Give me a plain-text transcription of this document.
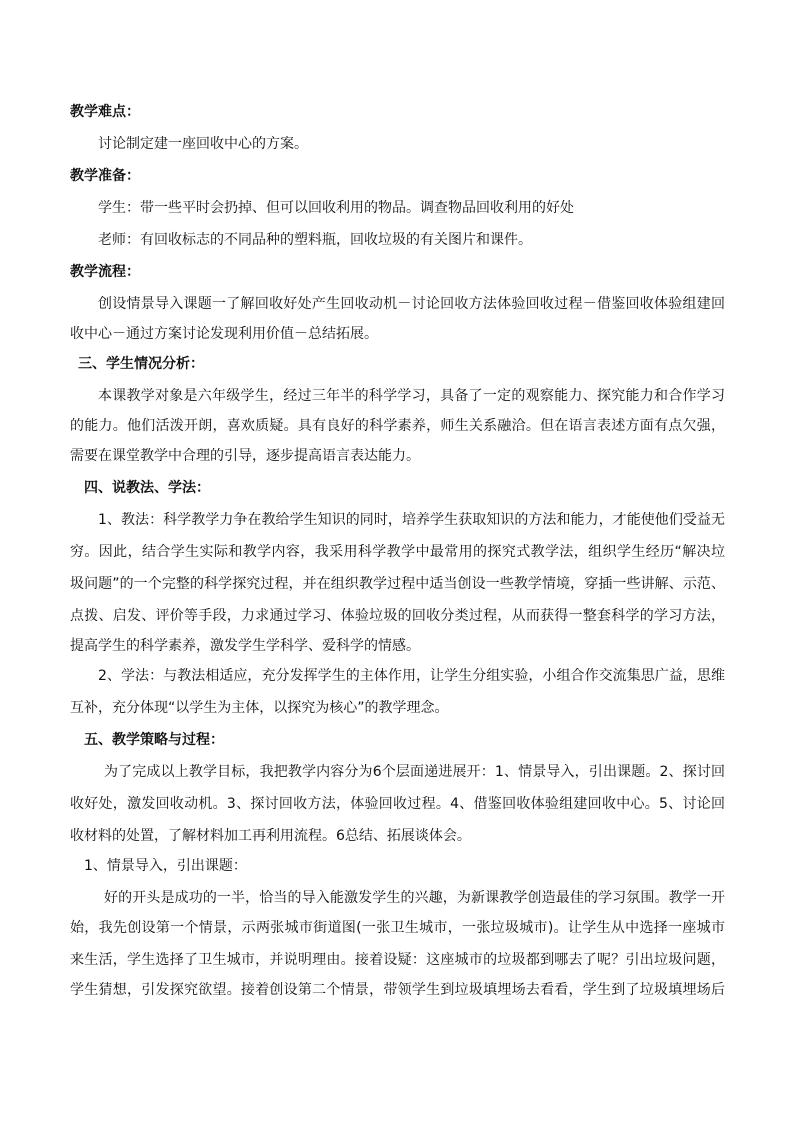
教学难点：
讨论制定建一座回收中心的方案。
教学准备：
学生：带一些平时会扔掉、但可以回收利用的物品。调查物品回收利用的好处
老师：有回收标志的不同品种的塑料瓶，回收垃圾的有关图片和课件。
教学流程：
创设情景导入课题一了解回收好处产生回收动机－讨论回收方法体验回收过程－借鉴回收体验组建回
收中心－通过方案讨论发现利用价值－总结拓展。
三、学生情况分析：
本课教学对象是六年级学生，经过三年半的科学学习，具备了一定的观察能力、探究能力和合作学习
的能力。他们活泼开朗，喜欢质疑。具有良好的科学素养，师生关系融洽。但在语言表述方面有点欠强，
需要在课堂教学中合理的引导，逐步提高语言表达能力。
四、说教法、学法：
1、教法：科学教学力争在教给学生知识的同时，培养学生获取知识的方法和能力，才能使他们受益无
穷。因此，结合学生实际和教学内容，我采用科学教学中最常用的探究式教学法，组织学生经历“解决垃
圾问题”的一个完整的科学探究过程，并在组织教学过程中适当创设一些教学情境，穿插一些讲解、示范、
点拨、启发、评价等手段，力求通过学习、体验垃圾的回收分类过程，从而获得一整套科学的学习方法，
提高学生的科学素养，激发学生学科学、爱科学的情感。
2、学法：与教法相适应，充分发挥学生的主体作用，让学生分组实验，小组合作交流集思广益，思维
互补，充分体现“以学生为主体，以探究为核心”的教学理念。
五、教学策略与过程：
为了完成以上教学目标，我把教学内容分为6个层面递进展开：1、情景导入，引出课题。2、探讨回
收好处，激发回收动机。3、探讨回收方法，体验回收过程。4、借鉴回收体验组建回收中心。5、讨论回
收材料的处置，了解材料加工再利用流程。6总结、拓展谈体会。
1、情景导入，引出课题：
好的开头是成功的一半，恰当的导入能激发学生的兴趣，为新课教学创造最佳的学习氛围。教学一开
始，我先创设第一个情景，示两张城市街道图(一张卫生城市，一张垃圾城市)。让学生从中选择一座城市
来生活，学生选择了卫生城市，并说明理由。接着设疑：这座城市的垃圾都到哪去了呢？引出垃圾问题，
学生猜想，引发探究欲望。接着创设第二个情景，带领学生到垃圾填埋场去看看，学生到了垃圾填埋场后
